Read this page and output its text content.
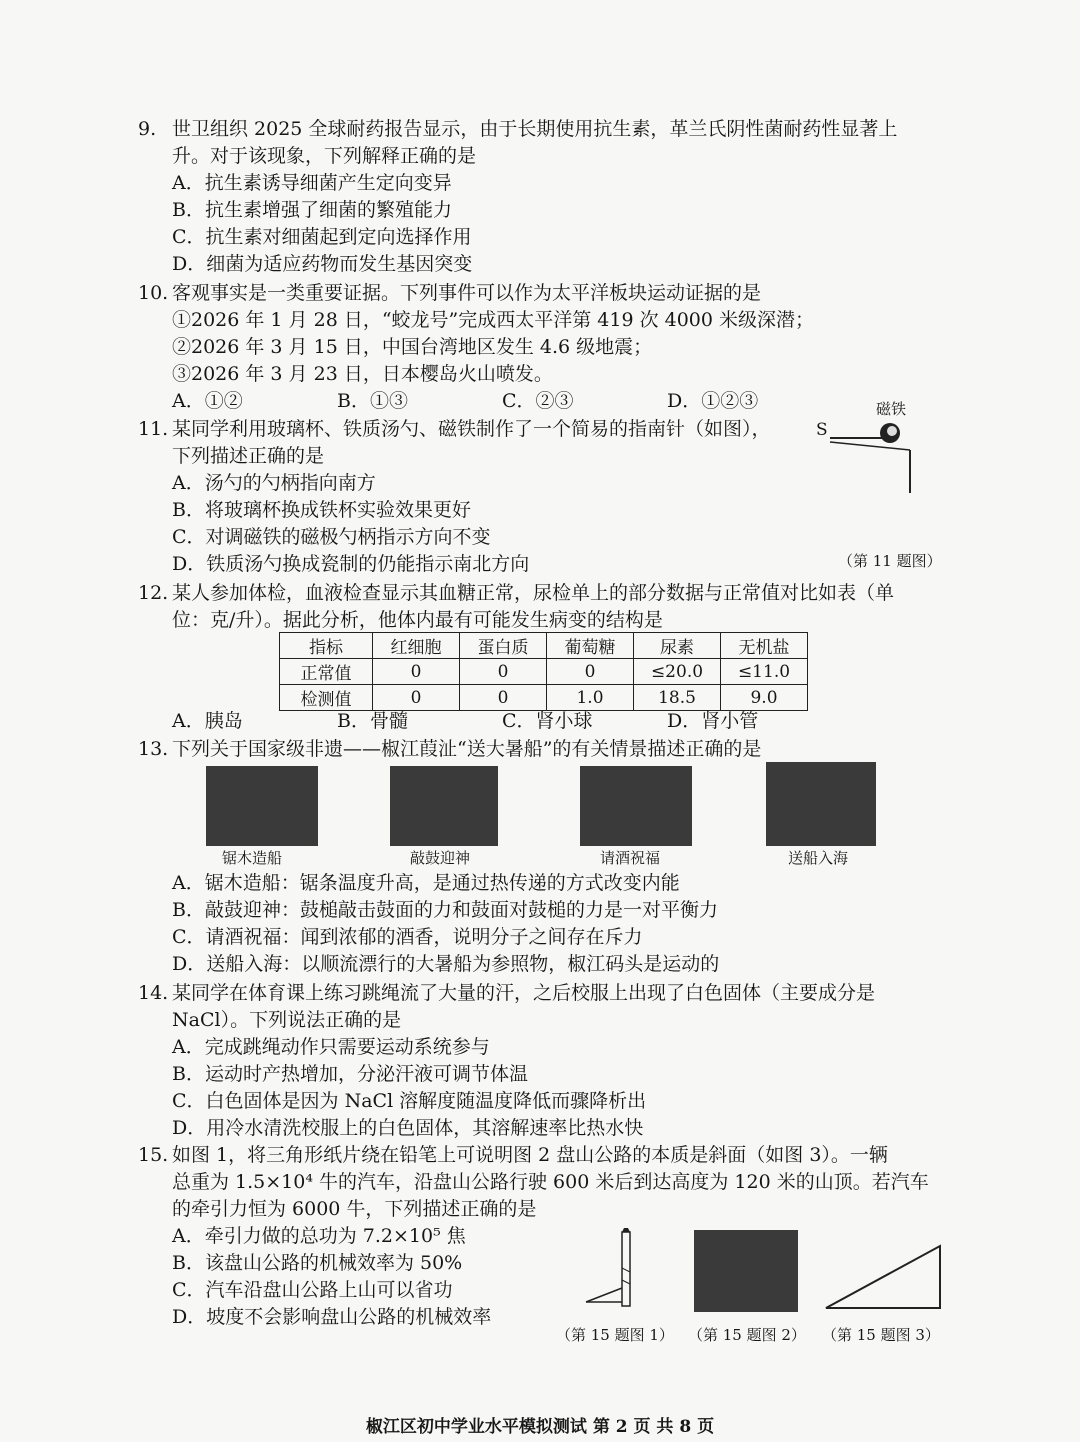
9. 世卫组织 2025 全球耐药报告显示，由于长期使用抗生素，革兰氏阴性菌耐药性显著上
升。对于该现象，下列解释正确的是
A．抗生素诱导细菌产生定向变异
B．抗生素增强了细菌的繁殖能力
C．抗生素对细菌起到定向选择作用
D．细菌为适应药物而发生基因突变
10. 客观事实是一类重要证据。下列事件可以作为太平洋板块运动证据的是
①2026 年 1 月 28 日，“蛟龙号”完成西太平洋第 419 次 4000 米级深潜；
②2026 年 3 月 15 日，中国台湾地区发生 4.6 级地震；
③2026 年 3 月 23 日，日本樱岛火山喷发。
A．①②	B．①③	C．②③	D．①②③
11. 某同学利用玻璃杯、铁质汤勺、磁铁制作了一个简易的指南针（如图），
下列描述正确的是
A．汤勺的勺柄指向南方
B．将玻璃杯换成铁杯实验效果更好
C．对调磁铁的磁极勺柄指示方向不变
D．铁质汤勺换成瓷制的仍能指示南北方向
磁铁
S
（第 11 题图）
12. 某人参加体检，血液检查显示其血糖正常，尿检单上的部分数据与正常值对比如表（单
位：克/升）。据此分析，他体内最有可能发生病变的结构是
指标	红细胞	蛋白质	葡萄糖	尿素	无机盐
正常值	0	0	0	≤20.0	≤11.0
检测值	0	0	1.0	18.5	9.0
A．胰岛	B．骨髓	C．肾小球	D．肾小管
13. 下列关于国家级非遗——椒江葭沚“送大暑船”的有关情景描述正确的是
锯木造船	敲鼓迎神	请酒祝福	送船入海
A．锯木造船：锯条温度升高，是通过热传递的方式改变内能
B．敲鼓迎神：鼓槌敲击鼓面的力和鼓面对鼓槌的力是一对平衡力
C．请酒祝福：闻到浓郁的酒香，说明分子之间存在斥力
D．送船入海：以顺流漂行的大暑船为参照物，椒江码头是运动的
14. 某同学在体育课上练习跳绳流了大量的汗，之后校服上出现了白色固体（主要成分是
NaCl）。下列说法正确的是
A．完成跳绳动作只需要运动系统参与
B．运动时产热增加，分泌汗液可调节体温
C．白色固体是因为 NaCl 溶解度随温度降低而骤降析出
D．用冷水清洗校服上的白色固体，其溶解速率比热水快
15. 如图 1，将三角形纸片绕在铅笔上可说明图 2 盘山公路的本质是斜面（如图 3）。一辆
总重为 1.5×10⁴ 牛的汽车，沿盘山公路行驶 600 米后到达高度为 120 米的山顶。若汽车
的牵引力恒为 6000 牛，下列描述正确的是
A．牵引力做的总功为 7.2×10⁵ 焦
B．该盘山公路的机械效率为 50%
C．汽车沿盘山公路上山可以省功
D．坡度不会影响盘山公路的机械效率
（第 15 题图 1） （第 15 题图 2） （第 15 题图 3）
椒江区初中学业水平模拟测试 第 2 页 共 8 页
